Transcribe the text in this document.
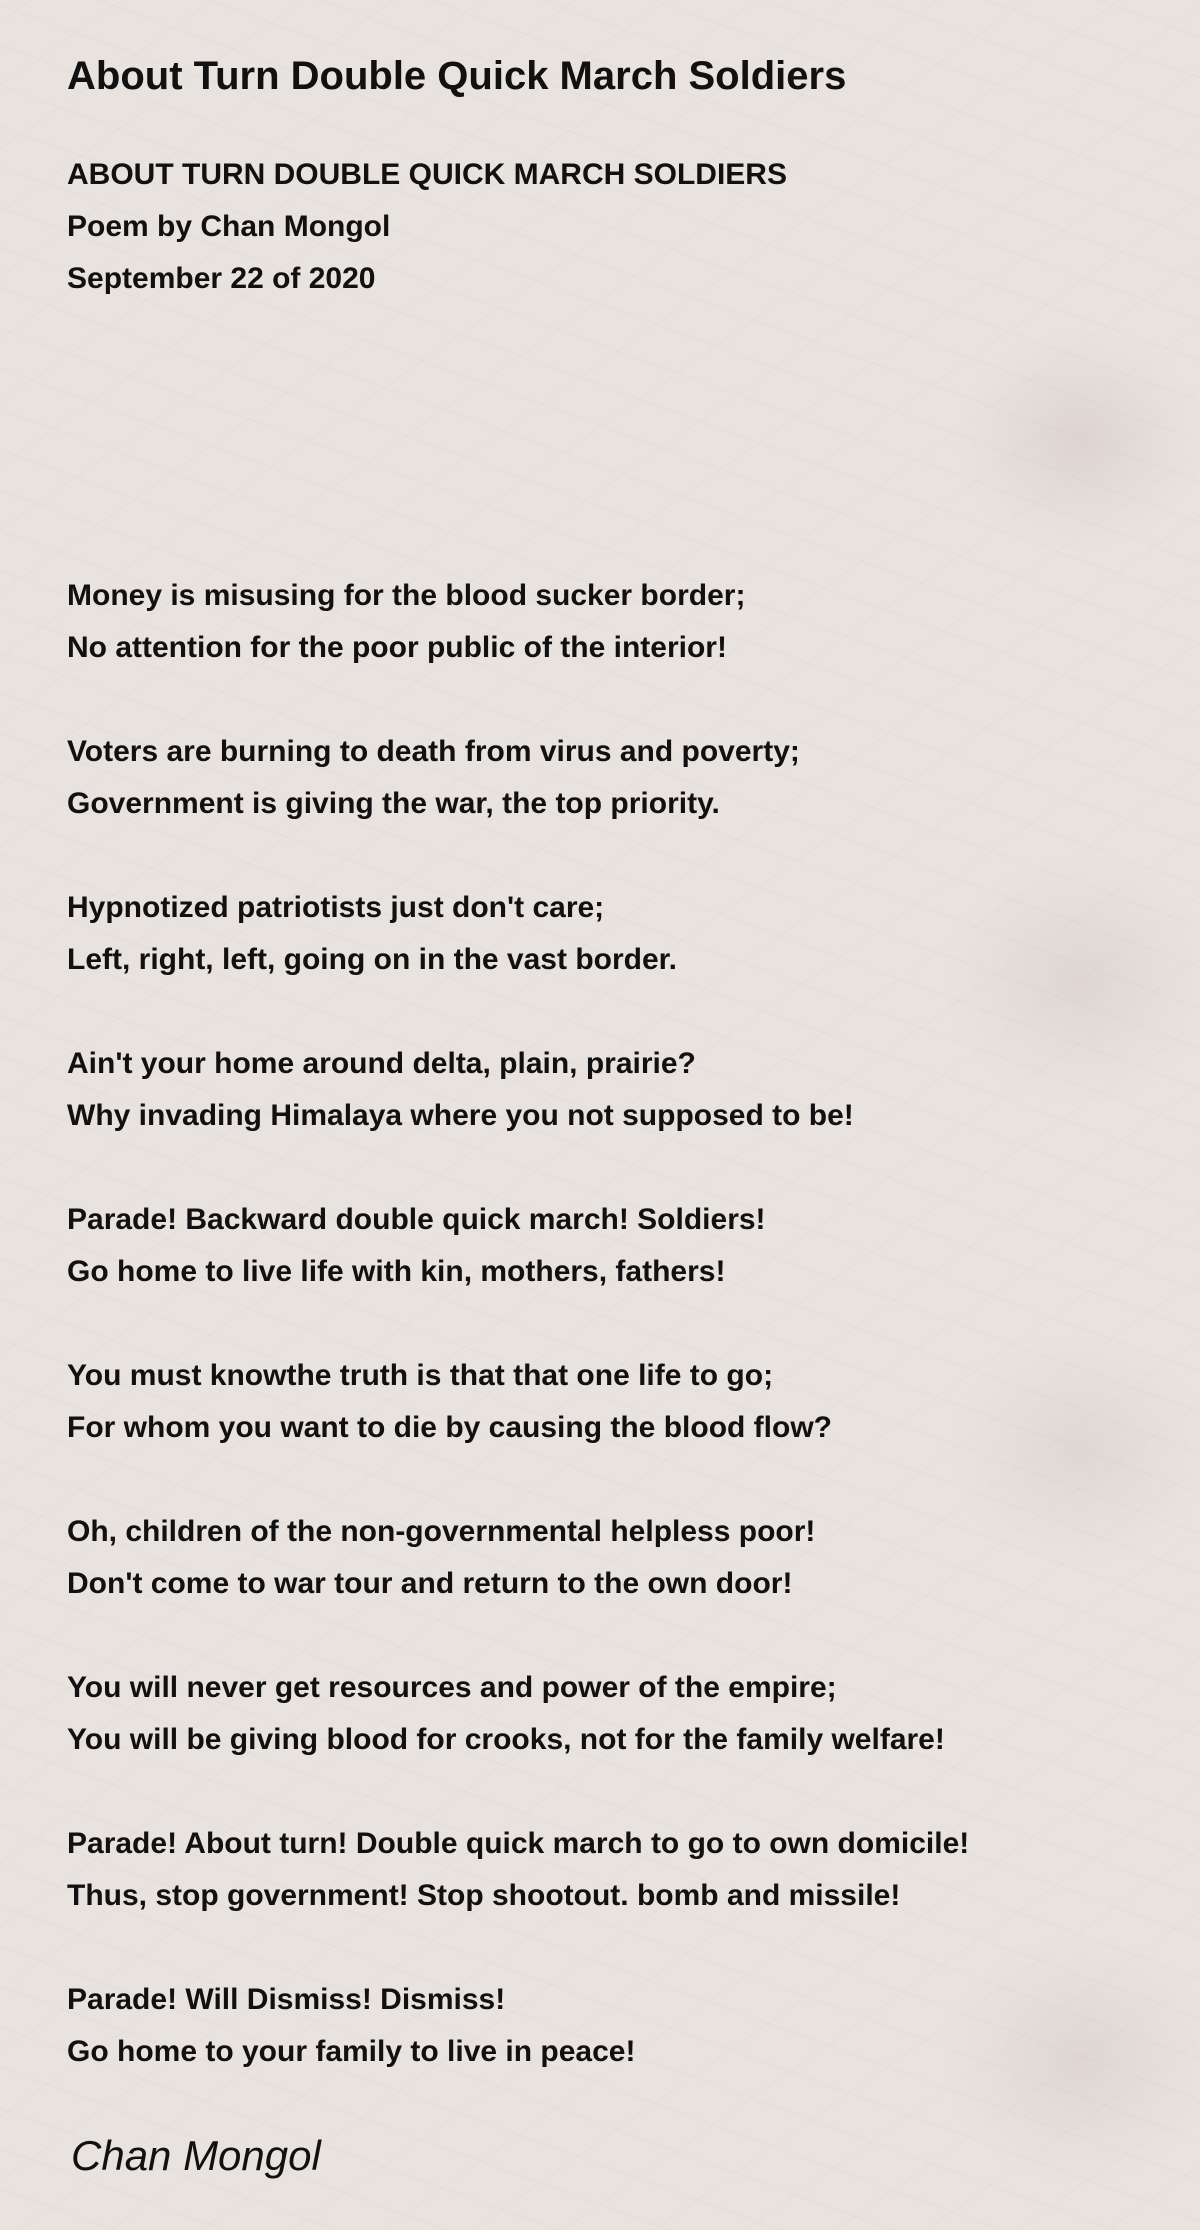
About Turn Double Quick March Soldiers

ABOUT TURN DOUBLE QUICK MARCH SOLDIERS

Poem by Chan Mongol

September 22 of 2020

Money is misusing for the blood sucker border;

No attention for the poor public of the interior!

Voters are burning to death from virus and poverty;

Government is giving the war, the top priority.

Hypnotized patriotists just don't care;

Left, right, left, going on in the vast border.

Ain't your home around delta, plain, prairie?

Why invading Himalaya where you not supposed to be!

Parade! Backward double quick march! Soldiers!

Go home to live life with kin, mothers, fathers!

You must knowthe truth is that that one life to go;

For whom you want to die by causing the blood flow?

Oh, children of the non-governmental helpless poor!

Don't come to war tour and return to the own door!

You will never get resources and power of the empire;

You will be giving blood for crooks, not for the family welfare!

Parade! About turn! Double quick march to go to own domicile!

Thus, stop government! Stop shootout. bomb and missile!

Parade! Will Dismiss! Dismiss!

Go home to your family to live in peace!

Chan Mongol
